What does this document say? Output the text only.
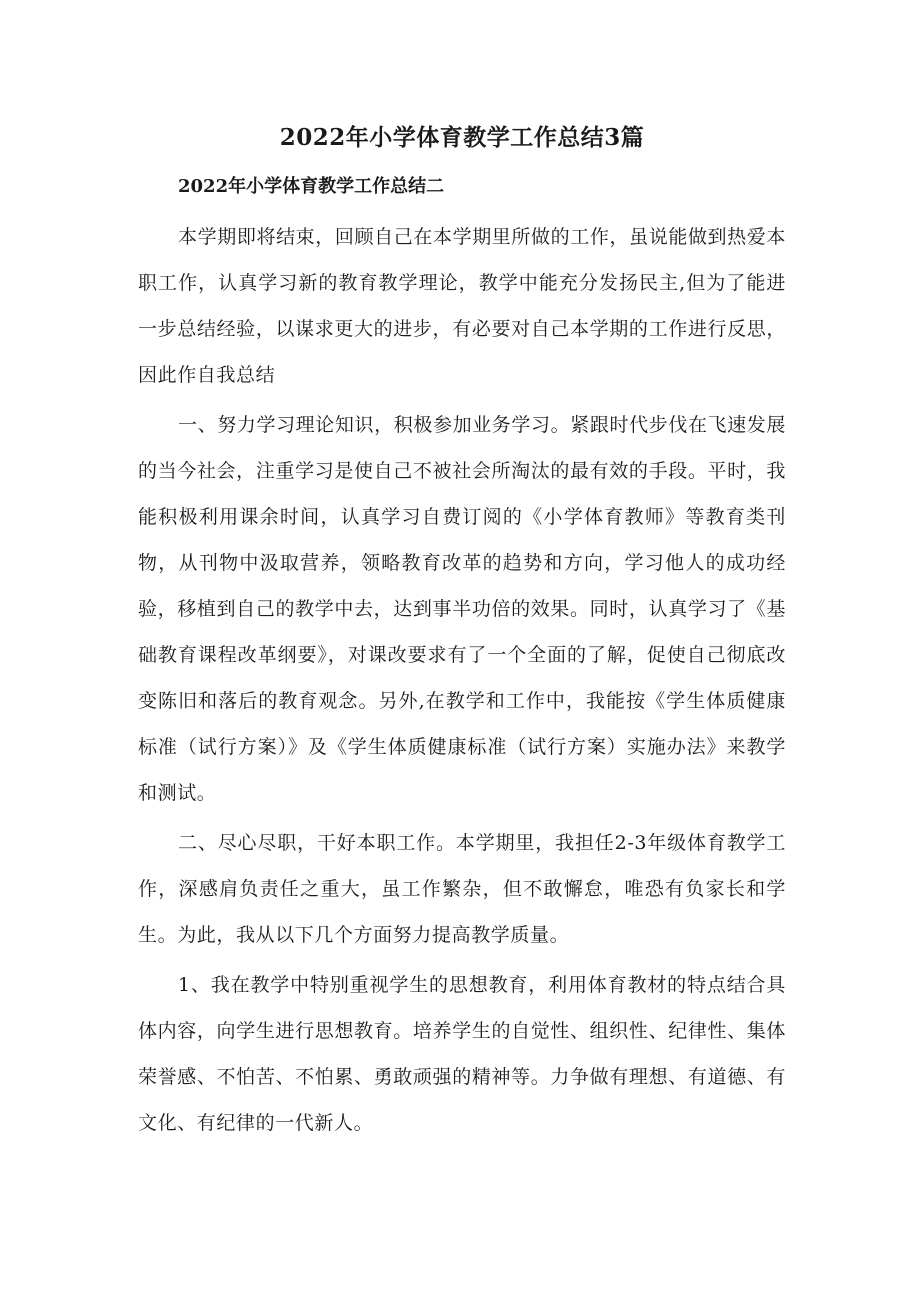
2022年小学体育教学工作总结3篇
2022年小学体育教学工作总结二

本学期即将结束，回顾自己在本学期里所做的工作，虽说能做到热爱本职工作，认真学习新的教育教学理论，教学中能充分发扬民主,但为了能进一步总结经验，以谋求更大的进步，有必要对自己本学期的工作进行反思，因此作自我总结

一、努力学习理论知识，积极参加业务学习。紧跟时代步伐在飞速发展的当今社会，注重学习是使自己不被社会所淘汰的最有效的手段。平时，我能积极利用课余时间，认真学习自费订阅的《小学体育教师》等教育类刊物，从刊物中汲取营养，领略教育改革的趋势和方向，学习他人的成功经验，移植到自己的教学中去，达到事半功倍的效果。同时，认真学习了《基础教育课程改革纲要》，对课改要求有了一个全面的了解，促使自己彻底改变陈旧和落后的教育观念。另外,在教学和工作中，我能按《学生体质健康标准（试行方案）》及《学生体质健康标准（试行方案）实施办法》来教学和测试。

二、尽心尽职，干好本职工作。本学期里，我担任2-3年级体育教学工作，深感肩负责任之重大，虽工作繁杂，但不敢懈怠，唯恐有负家长和学生。为此，我从以下几个方面努力提高教学质量。

1、我在教学中特别重视学生的思想教育，利用体育教材的特点结合具体内容，向学生进行思想教育。培养学生的自觉性、组织性、纪律性、集体荣誉感、不怕苦、不怕累、勇敢顽强的精神等。力争做有理想、有道德、有文化、有纪律的一代新人。
